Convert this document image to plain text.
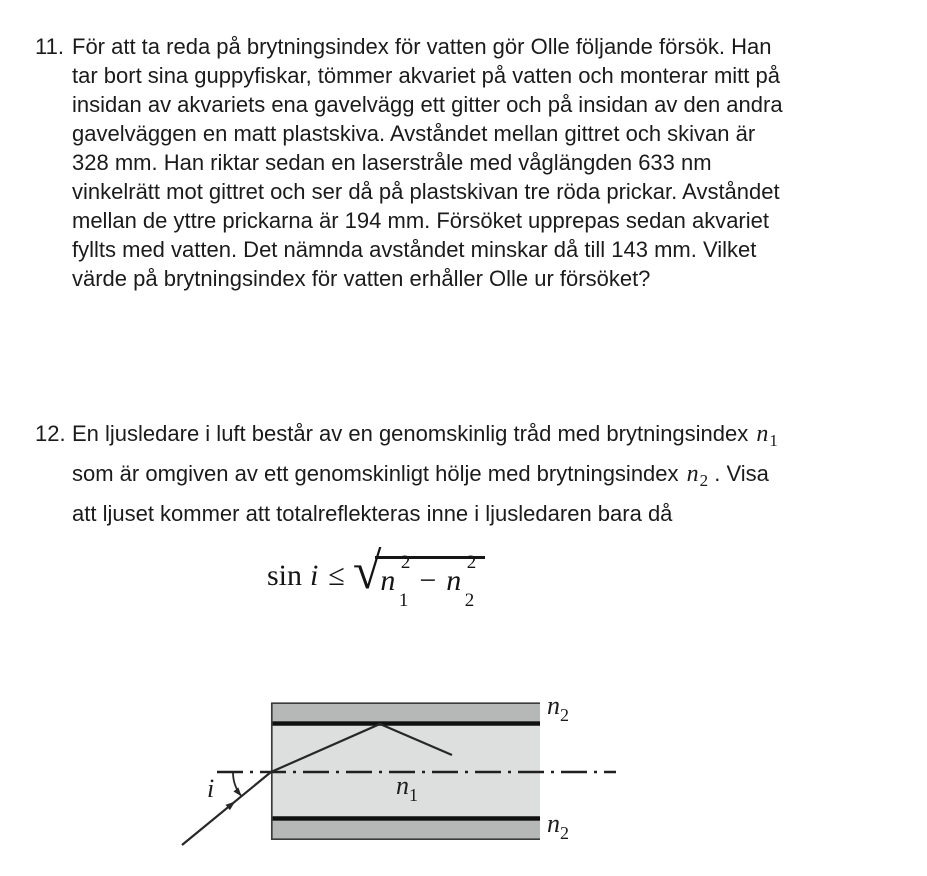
11. För att ta reda på brytningsindex för vatten gör Olle följande försök. Han
tar bort sina guppyfiskar, tömmer akvariet på vatten och monterar mitt på
insidan av akvariets ena gavelvägg ett gitter och på insidan av den andra
gavelväggen en matt plastskiva. Avståndet mellan gittret och skivan är
328 mm. Han riktar sedan en laserstråle med våglängden 633 nm
vinkelrätt mot gittret och ser då på plastskivan tre röda prickar. Avståndet
mellan de yttre prickarna är 194 mm. Försöket upprepas sedan akvariet
fyllts med vatten. Det nämnda avståndet minskar då till 143 mm. Vilket
värde på brytningsindex för vatten erhåller Olle ur försöket?
12. En ljusledare i luft består av en genomskinlig tråd med brytningsindex $n_1$
som är omgiven av ett genomskinligt hölje med brytningsindex $n_2$ . Visa
att ljuset kommer att totalreflekteras inne i ljusledaren bara då
sin i ≤ √ n
2
1
− n
2
2
i	$n_1$
$n_2$
$n_2$
